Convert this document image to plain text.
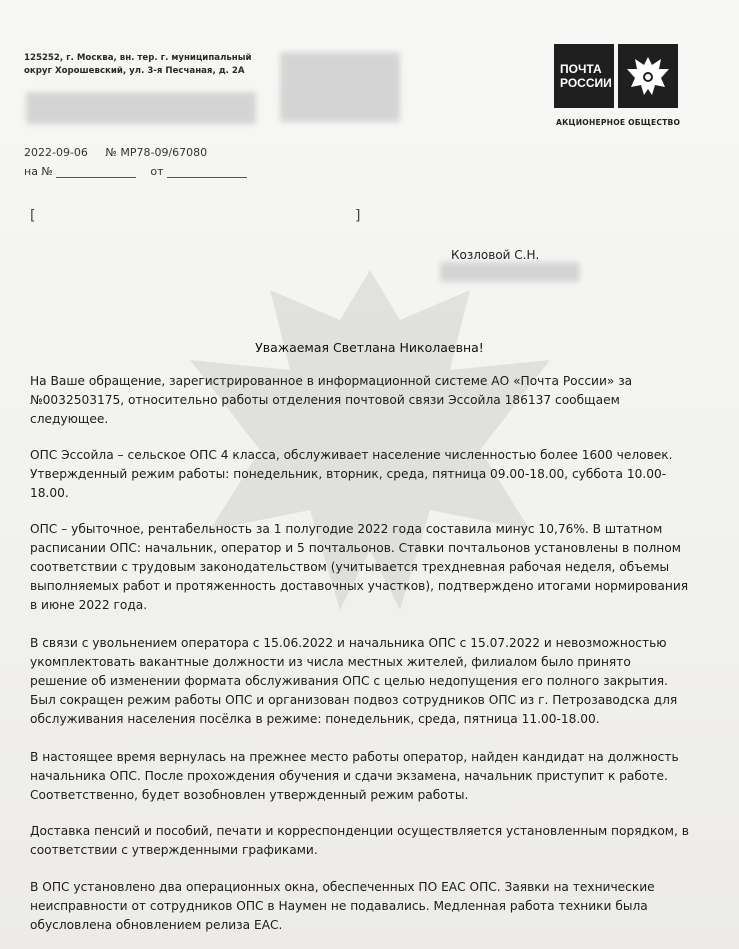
125252, г. Москва, вн. тер. г. муниципальный
округ Хорошевский, ул. 3-я Песчаная, д. 2А	ПОЧТА
РОССИИ
АКЦИОНЕРНОЕ ОБЩЕСТВО
2022-09-06 № МР78-09/67080
на №	от
[	]
Козловой С.Н.
Уважаемая Светлана Николаевна!
На Ваше обращение, зарегистрированное в информационной системе АО «Почта России» за
№0032503175, относительно работы отделения почтовой связи Эссойла 186137 сообщаем
следующее.
ОПС Эссойла – сельское ОПС 4 класса, обслуживает население численностью более 1600 человек.
Утвержденный режим работы: понедельник, вторник, среда, пятница 09.00-18.00, суббота 10.00-
18.00.
ОПС – убыточное, рентабельность за 1 полугодие 2022 года составила минус 10,76%. В штатном
расписании ОПС: начальник, оператор и 5 почтальонов. Ставки почтальонов установлены в полном
соответствии с трудовым законодательством (учитывается трехдневная рабочая неделя, объемы
выполняемых работ и протяженность доставочных участков), подтверждено итогами нормирования
в июне 2022 года.
В связи с увольнением оператора с 15.06.2022 и начальника ОПС с 15.07.2022 и невозможностью
укомплектовать вакантные должности из числа местных жителей, филиалом было принято
решение об изменении формата обслуживания ОПС с целью недопущения его полного закрытия.
Был сокращен режим работы ОПС и организован подвоз сотрудников ОПС из г. Петрозаводска для
обслуживания населения посёлка в режиме: понедельник, среда, пятница 11.00-18.00.
В настоящее время вернулась на прежнее место работы оператор, найден кандидат на должность
начальника ОПС. После прохождения обучения и сдачи экзамена, начальник приступит к работе.
Соответственно, будет возобновлен утвержденный режим работы.
Доставка пенсий и пособий, печати и корреспонденции осуществляется установленным порядком, в
соответствии с утвержденными графиками.
В ОПС установлено два операционных окна, обеспеченных ПО ЕАС ОПС. Заявки на технические
неисправности от сотрудников ОПС в Наумен не подавались. Медленная работа техники была
обусловлена обновлением релиза ЕАС.
